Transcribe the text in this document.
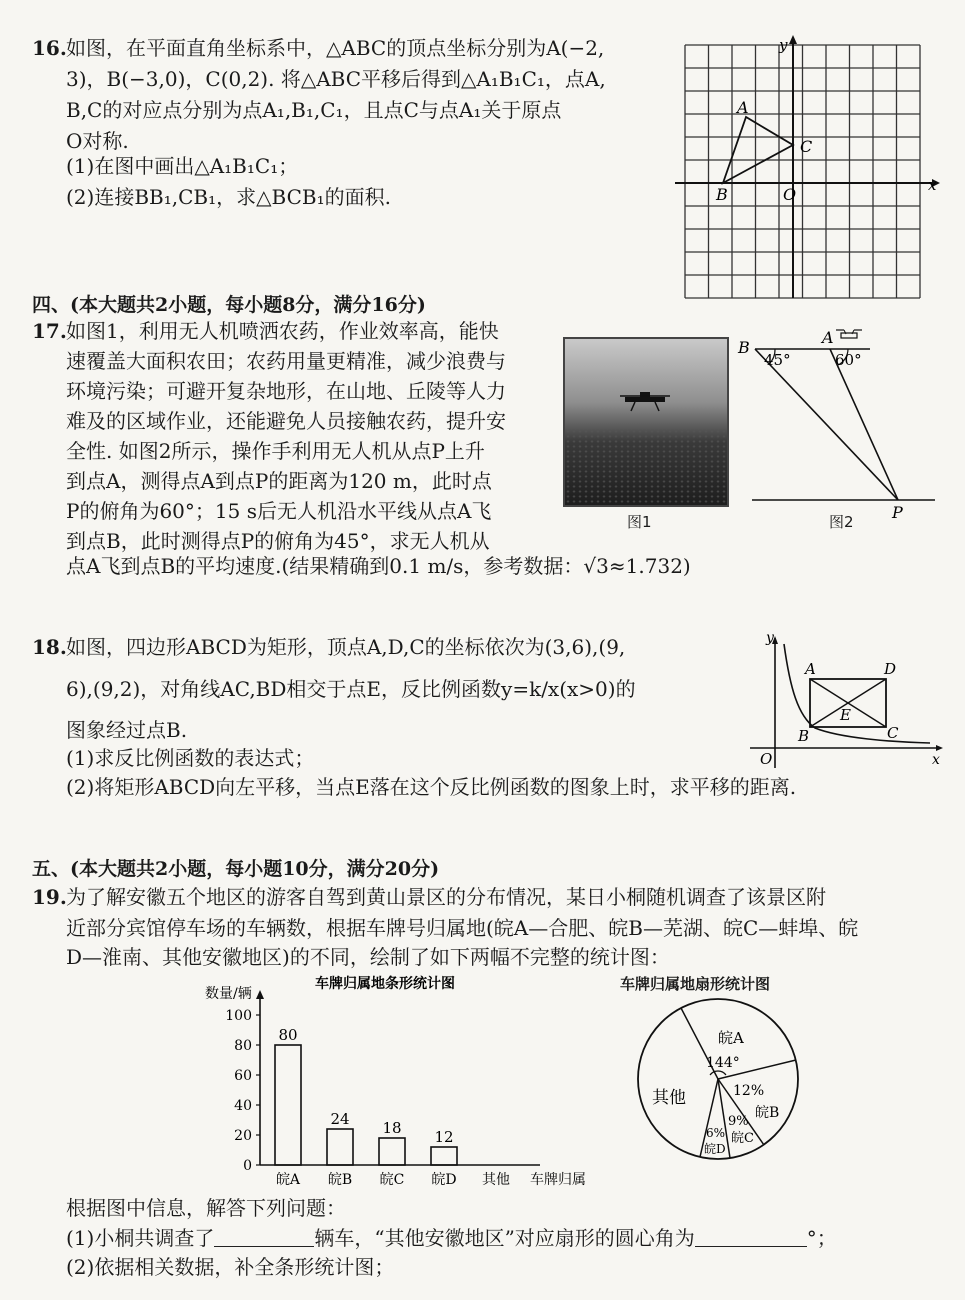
16. 如图，在平面直角坐标系中，△ABC的顶点坐标分别为A(−2,
3)，B(−3,0)，C(0,2). 将△ABC平移后得到△A₁B₁C₁，点A,
B,C的对应点分别为点A₁,B₁,C₁，且点C与点A₁关于原点
O对称.
(1)在图中画出△A₁B₁C₁；
(2)连接BB₁,CB₁，求△BCB₁的面积.
y
x
A
B
C
O
四、(本大题共2小题，每小题8分，满分16分)
17. 如图1，利用无人机喷洒农药，作业效率高，能快
速覆盖大面积农田；农药用量更精准，减少浪费与
环境污染；可避开复杂地形，在山地、丘陵等人力
难及的区域作业，还能避免人员接触农药，提升安
全性. 如图2所示，操作手利用无人机从点P上升
到点A，测得点A到点P的距离为120 m，此时点
P的俯角为60°；15 s后无人机沿水平线从点A飞
到点B，此时测得点P的俯角为45°，求无人机从
点A飞到点B的平均速度.(结果精确到0.1 m/s，参考数据：√3≈1.732)
图1
B
A
P
45°	60°
图2
18. 如图，四边形ABCD为矩形，顶点A,D,C的坐标依次为(3,6),(9,
6),(9,2)，对角线AC,BD相交于点E，反比例函数y=k/x(x>0)的
图象经过点B.
(1)求反比例函数的表达式；
(2)将矩形ABCD向左平移，当点E落在这个反比例函数的图象上时，求平移的距离.
y
x
O
A	D
B	C
E
五、(本大题共2小题，每小题10分，满分20分)
19. 为了解安徽五个地区的游客自驾到黄山景区的分布情况，某日小桐随机调查了该景区附
近部分宾馆停车场的车辆数，根据车牌号归属地(皖A—合肥、皖B—芜湖、皖C—蚌埠、皖
D—淮南、其他安徽地区)的不同，绘制了如下两幅不完整的统计图：
车牌归属地条形统计图
数量/辆
0
20
40
60
80
100
80
皖A
24
皖B
18
皖C
12
皖D 其他 车牌归属
车牌归属地扇形统计图
皖A
144°
其他	12%
皖B
9%
皖C
6%
皖D
根据图中信息，解答下列问题：
(1)小桐共调查了	辆车，“其他安徽地区”对应扇形的圆心角为	°；
(2)依据相关数据，补全条形统计图；
